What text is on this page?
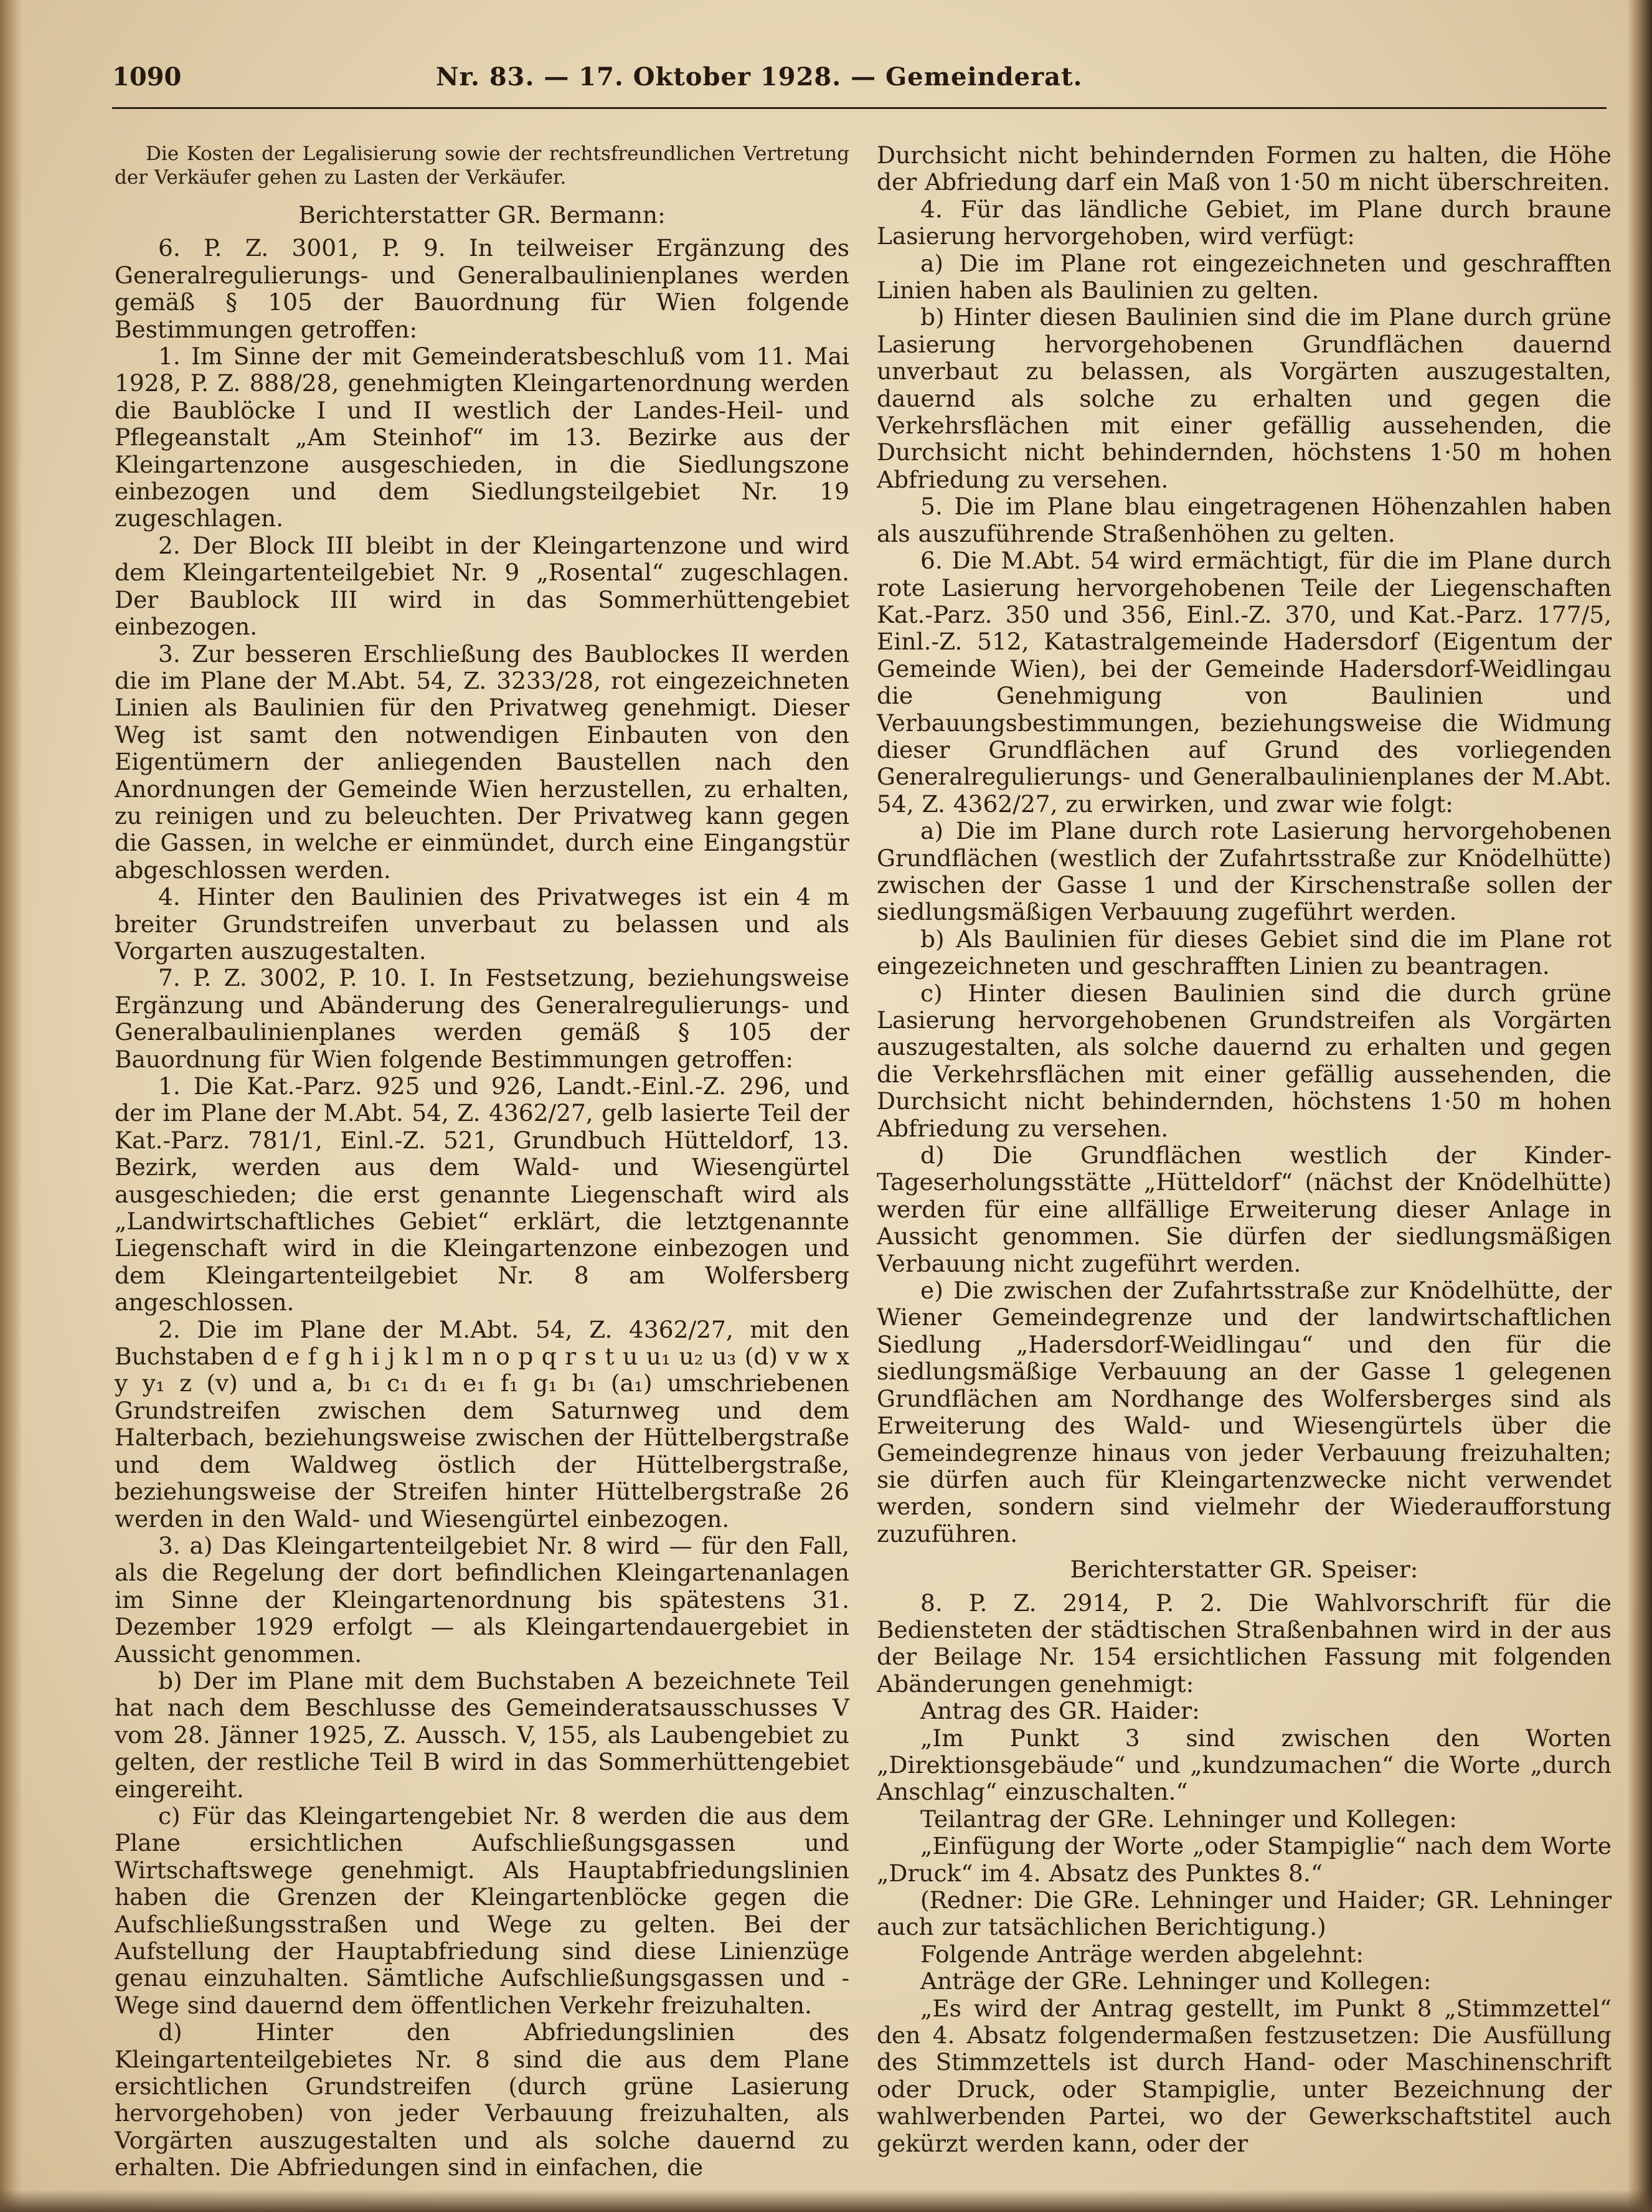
1090	Nr. 83. — 17. Oktober 1928. — Gemeinderat.

Die Kosten der Legalisierung sowie der rechtsfreundlichen Vertretung der Verkäufer gehen zu Lasten der Verkäufer.

Berichterstatter GR. Bermann:

6. P. Z. 3001, P. 9. In teilweiser Ergänzung des Generalregulierungs- und Generalbaulinienplanes werden gemäß § 105 der Bauordnung für Wien folgende Bestimmungen getroffen:

1. Im Sinne der mit Gemeinderatsbeschluß vom 11. Mai 1928, P. Z. 888/28, genehmigten Kleingartenordnung werden die Baublöcke I und II westlich der Landes-Heil- und Pflegeanstalt „Am Steinhof“ im 13. Bezirke aus der Kleingartenzone ausgeschieden, in die Siedlungszone einbezogen und dem Siedlungsteilgebiet Nr. 19 zugeschlagen.

2. Der Block III bleibt in der Kleingartenzone und wird dem Kleingartenteilgebiet Nr. 9 „Rosental“ zugeschlagen. Der Baublock III wird in das Sommerhüttengebiet einbezogen.

3. Zur besseren Erschließung des Baublockes II werden die im Plane der M.Abt. 54, Z. 3233/28, rot eingezeichneten Linien als Baulinien für den Privatweg genehmigt. Dieser Weg ist samt den notwendigen Einbauten von den Eigentümern der anliegenden Baustellen nach den Anordnungen der Gemeinde Wien herzustellen, zu erhalten, zu reinigen und zu beleuchten. Der Privatweg kann gegen die Gassen, in welche er einmündet, durch eine Eingangstür abgeschlossen werden.

4. Hinter den Baulinien des Privatweges ist ein 4 m breiter Grundstreifen unverbaut zu belassen und als Vorgarten auszugestalten.

7. P. Z. 3002, P. 10. I. In Festsetzung, beziehungsweise Ergänzung und Abänderung des Generalregulierungs- und Generalbaulinienplanes werden gemäß § 105 der Bauordnung für Wien folgende Bestimmungen getroffen:

1. Die Kat.-Parz. 925 und 926, Landt.-Einl.-Z. 296, und der im Plane der M.Abt. 54, Z. 4362/27, gelb lasierte Teil der Kat.-Parz. 781/1, Einl.-Z. 521, Grundbuch Hütteldorf, 13. Bezirk, werden aus dem Wald- und Wiesengürtel ausgeschieden; die erst genannte Liegenschaft wird als „Landwirtschaftliches Gebiet“ erklärt, die letztgenannte Liegenschaft wird in die Kleingartenzone einbezogen und dem Kleingartenteilgebiet Nr. 8 am Wolfersberg angeschlossen.

2. Die im Plane der M.Abt. 54, Z. 4362/27, mit den Buchstaben d e f g h i j k l m n o p q r s t u u₁ u₂ u₃ (d) v w x y y₁ z (v) und a, b₁ c₁ d₁ e₁ f₁ g₁ b₁ (a₁) umschriebenen Grundstreifen zwischen dem Saturnweg und dem Halterbach, beziehungsweise zwischen der Hüttelbergstraße und dem Waldweg östlich der Hüttelbergstraße, beziehungsweise der Streifen hinter Hüttelbergstraße 26 werden in den Wald- und Wiesengürtel einbezogen.

3. a) Das Kleingartenteilgebiet Nr. 8 wird — für den Fall, als die Regelung der dort befindlichen Kleingartenanlagen im Sinne der Kleingartenordnung bis spätestens 31. Dezember 1929 erfolgt — als Kleingartendauergebiet in Aussicht genommen.

b) Der im Plane mit dem Buchstaben A bezeichnete Teil hat nach dem Beschlusse des Gemeinderatsausschusses V vom 28. Jänner 1925, Z. Aussch. V, 155, als Laubengebiet zu gelten, der restliche Teil B wird in das Sommerhüttengebiet eingereiht.

c) Für das Kleingartengebiet Nr. 8 werden die aus dem Plane ersichtlichen Aufschließungsgassen und Wirtschaftswege genehmigt. Als Hauptabfriedungslinien haben die Grenzen der Kleingartenblöcke gegen die Aufschließungsstraßen und Wege zu gelten. Bei der Aufstellung der Hauptabfriedung sind diese Linienzüge genau einzuhalten. Sämtliche Aufschließungsgassen und -Wege sind dauernd dem öffentlichen Verkehr freizuhalten.

d) Hinter den Abfriedungslinien des Kleingartenteilgebietes Nr. 8 sind die aus dem Plane ersichtlichen Grundstreifen (durch grüne Lasierung hervorgehoben) von jeder Verbauung freizuhalten, als Vorgärten auszugestalten und als solche dauernd zu erhalten. Die Abfriedungen sind in einfachen, die

Durchsicht nicht behindernden Formen zu halten, die Höhe der Abfriedung darf ein Maß von 1·50 m nicht überschreiten.

4. Für das ländliche Gebiet, im Plane durch braune Lasierung hervorgehoben, wird verfügt:

a) Die im Plane rot eingezeichneten und geschrafften Linien haben als Baulinien zu gelten.

b) Hinter diesen Baulinien sind die im Plane durch grüne Lasierung hervorgehobenen Grundflächen dauernd unverbaut zu belassen, als Vorgärten auszugestalten, dauernd als solche zu erhalten und gegen die Verkehrsflächen mit einer gefällig aussehenden, die Durchsicht nicht behindernden, höchstens 1·50 m hohen Abfriedung zu versehen.

5. Die im Plane blau eingetragenen Höhenzahlen haben als auszuführende Straßenhöhen zu gelten.

6. Die M.Abt. 54 wird ermächtigt, für die im Plane durch rote Lasierung hervorgehobenen Teile der Liegenschaften Kat.-Parz. 350 und 356, Einl.-Z. 370, und Kat.-Parz. 177/5, Einl.-Z. 512, Katastralgemeinde Hadersdorf (Eigentum der Gemeinde Wien), bei der Gemeinde Hadersdorf-Weidlingau die Genehmigung von Baulinien und Verbauungsbestimmungen, beziehungsweise die Widmung dieser Grundflächen auf Grund des vorliegenden Generalregulierungs- und Generalbaulinienplanes der M.Abt. 54, Z. 4362/27, zu erwirken, und zwar wie folgt:

a) Die im Plane durch rote Lasierung hervorgehobenen Grundflächen (westlich der Zufahrtsstraße zur Knödelhütte) zwischen der Gasse 1 und der Kirschenstraße sollen der siedlungsmäßigen Verbauung zugeführt werden.

b) Als Baulinien für dieses Gebiet sind die im Plane rot eingezeichneten und geschrafften Linien zu beantragen.

c) Hinter diesen Baulinien sind die durch grüne Lasierung hervorgehobenen Grundstreifen als Vorgärten auszugestalten, als solche dauernd zu erhalten und gegen die Verkehrsflächen mit einer gefällig aussehenden, die Durchsicht nicht behindernden, höchstens 1·50 m hohen Abfriedung zu versehen.

d) Die Grundflächen westlich der Kinder-Tageserholungsstätte „Hütteldorf“ (nächst der Knödelhütte) werden für eine allfällige Erweiterung dieser Anlage in Aussicht genommen. Sie dürfen der siedlungsmäßigen Verbauung nicht zugeführt werden.

e) Die zwischen der Zufahrtsstraße zur Knödelhütte, der Wiener Gemeindegrenze und der landwirtschaftlichen Siedlung „Hadersdorf-Weidlingau“ und den für die siedlungsmäßige Verbauung an der Gasse 1 gelegenen Grundflächen am Nordhange des Wolfersberges sind als Erweiterung des Wald- und Wiesengürtels über die Gemeindegrenze hinaus von jeder Verbauung freizuhalten; sie dürfen auch für Kleingartenzwecke nicht verwendet werden, sondern sind vielmehr der Wiederaufforstung zuzuführen.

Berichterstatter GR. Speiser:

8. P. Z. 2914, P. 2. Die Wahlvorschrift für die Bediensteten der städtischen Straßenbahnen wird in der aus der Beilage Nr. 154 ersichtlichen Fassung mit folgenden Abänderungen genehmigt:

Antrag des GR. Haider:

„Im Punkt 3 sind zwischen den Worten „Direktionsgebäude“ und „kundzumachen“ die Worte „durch Anschlag“ einzuschalten.“

Teilantrag der GRe. Lehninger und Kollegen:

„Einfügung der Worte „oder Stampiglie“ nach dem Worte „Druck“ im 4. Absatz des Punktes 8.“

(Redner: Die GRe. Lehninger und Haider; GR. Lehninger auch zur tatsächlichen Berichtigung.)

Folgende Anträge werden abgelehnt:

Anträge der GRe. Lehninger und Kollegen:

„Es wird der Antrag gestellt, im Punkt 8 „Stimmzettel“ den 4. Absatz folgendermaßen festzusetzen: Die Ausfüllung des Stimmzettels ist durch Hand- oder Maschinenschrift oder Druck, oder Stampiglie, unter Bezeichnung der wahlwerbenden Partei, wo der Gewerkschaftstitel auch gekürzt werden kann, oder der
